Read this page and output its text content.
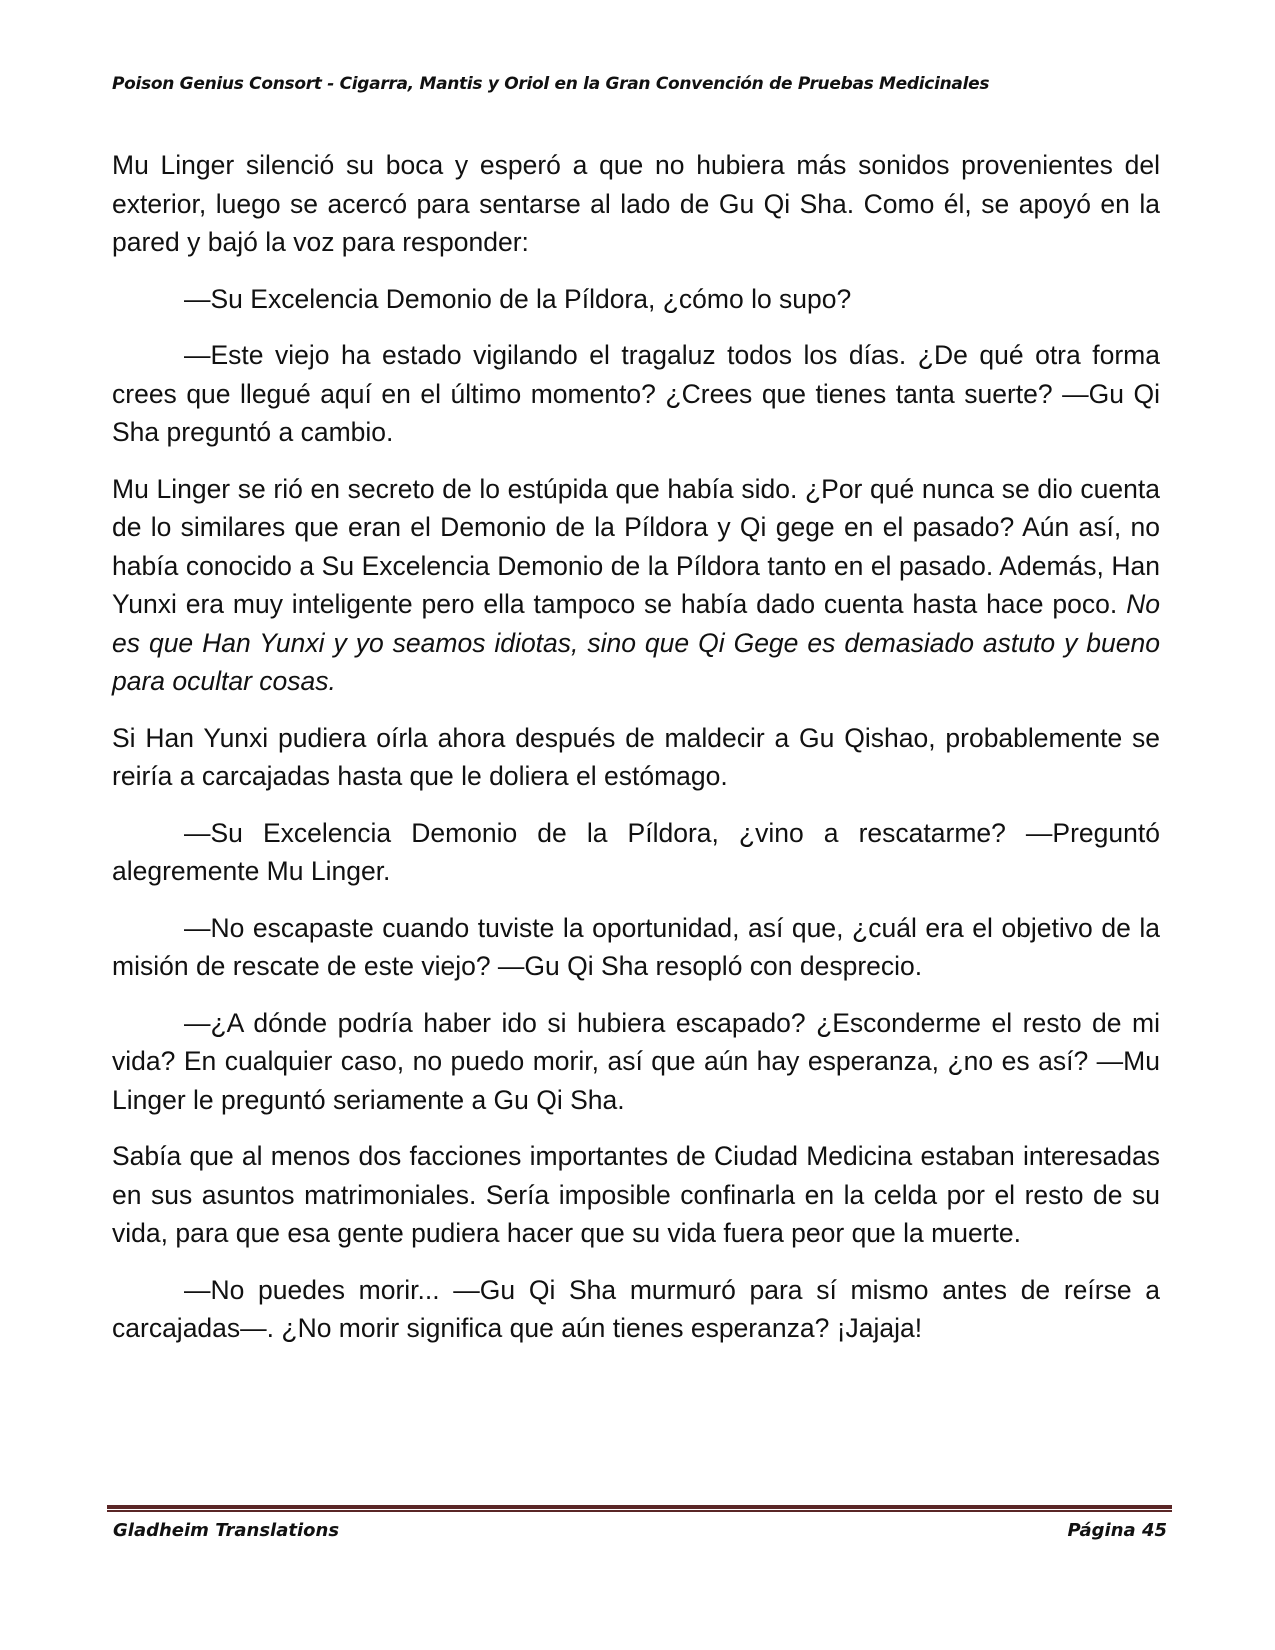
Poison Genius Consort - Cigarra, Mantis y Oriol en la Gran Convención de Pruebas Medicinales

Mu Linger silenció su boca y esperó a que no hubiera más sonidos provenientes del exterior, luego se acercó para sentarse al lado de Gu Qi Sha. Como él, se apoyó en la pared y bajó la voz para responder:

—Su Excelencia Demonio de la Píldora, ¿cómo lo supo?

—Este viejo ha estado vigilando el tragaluz todos los días. ¿De qué otra forma crees que llegué aquí en el último momento? ¿Crees que tienes tanta suerte? —Gu Qi Sha preguntó a cambio.

Mu Linger se rió en secreto de lo estúpida que había sido. ¿Por qué nunca se dio cuenta de lo similares que eran el Demonio de la Píldora y Qi gege en el pasado? Aún así, no había conocido a Su Excelencia Demonio de la Píldora tanto en el pasado. Además, Han Yunxi era muy inteligente pero ella tampoco se había dado cuenta hasta hace poco. No es que Han Yunxi y yo seamos idiotas, sino que Qi Gege es demasiado astuto y bueno para ocultar cosas.

Si Han Yunxi pudiera oírla ahora después de maldecir a Gu Qishao, probablemente se reiría a carcajadas hasta que le doliera el estómago.

—Su Excelencia Demonio de la Píldora, ¿vino a rescatarme? —Preguntó alegremente Mu Linger.

—No escapaste cuando tuviste la oportunidad, así que, ¿cuál era el objetivo de la misión de rescate de este viejo? —Gu Qi Sha resopló con desprecio.

—¿A dónde podría haber ido si hubiera escapado? ¿Esconderme el resto de mi vida? En cualquier caso, no puedo morir, así que aún hay esperanza, ¿no es así? —Mu Linger le preguntó seriamente a Gu Qi Sha.

Sabía que al menos dos facciones importantes de Ciudad Medicina estaban interesadas en sus asuntos matrimoniales. Sería imposible confinarla en la celda por el resto de su vida, para que esa gente pudiera hacer que su vida fuera peor que la muerte.

—No puedes morir... —Gu Qi Sha murmuró para sí mismo antes de reírse a carcajadas—. ¿No morir significa que aún tienes esperanza? ¡Jajaja!

Gladheim Translations	Página 45
